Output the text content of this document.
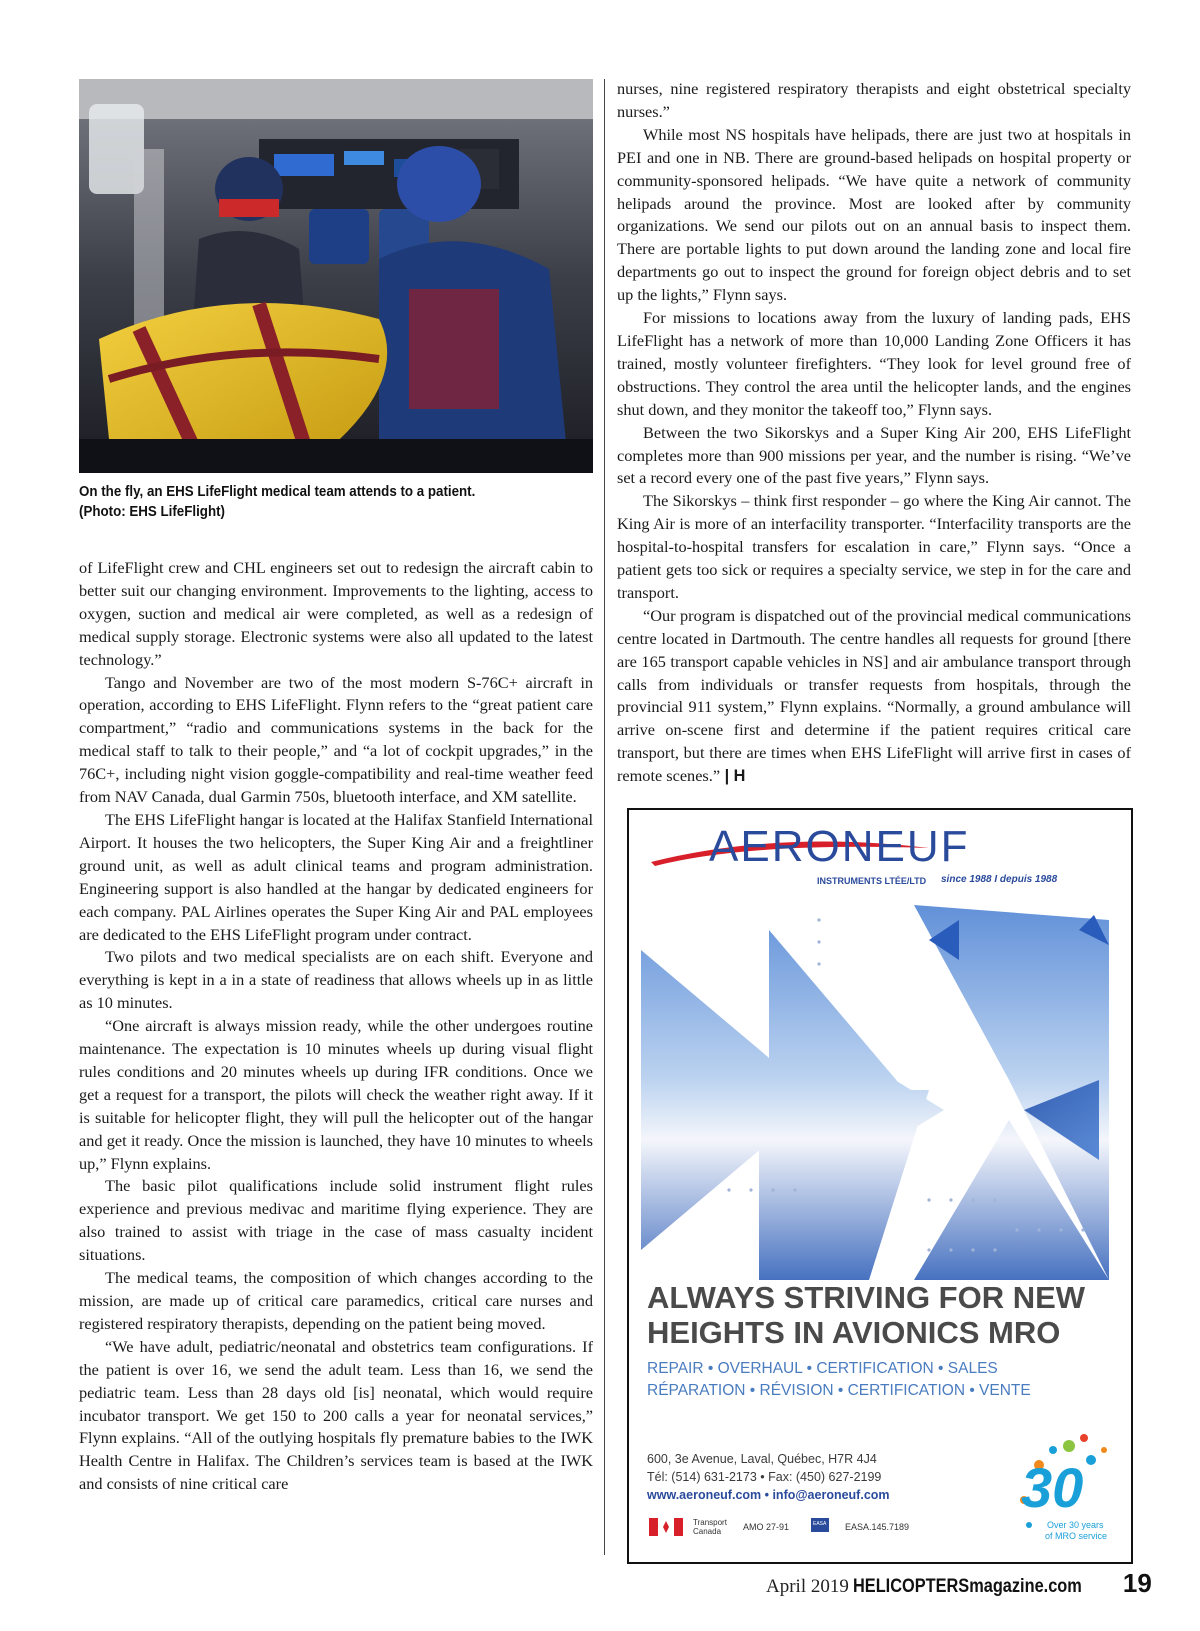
On the fly, an EHS LifeFlight medical team attends to a patient.
(Photo: EHS LifeFlight)

of LifeFlight crew and CHL engineers set out to redesign the aircraft cabin to better suit our changing environment. Improvements to the lighting, access to oxygen, suction and medical air were completed, as well as a redesign of medical supply storage. Electronic systems were also all updated to the latest technology.”

Tango and November are two of the most modern S-76C+ aircraft in operation, according to EHS LifeFlight. Flynn refers to the “great patient care compartment,” “radio and communications systems in the back for the medical staff to talk to their people,” and “a lot of cockpit upgrades,” in the 76C+, including night vision goggle-compatibility and real-time weather feed from NAV Canada, dual Garmin 750s, bluetooth interface, and XM satellite.

The EHS LifeFlight hangar is located at the Halifax Stanfield International Airport. It houses the two helicopters, the Super King Air and a freightliner ground unit, as well as adult clinical teams and program administration. Engineering support is also handled at the hangar by dedicated engineers for each company. PAL Airlines operates the Super King Air and PAL employees are dedicated to the EHS LifeFlight program under contract.

Two pilots and two medical specialists are on each shift. Everyone and everything is kept in a in a state of readiness that allows wheels up in as little as 10 minutes.

“One aircraft is always mission ready, while the other undergoes routine maintenance. The expectation is 10 minutes wheels up during visual flight rules conditions and 20 minutes wheels up during IFR conditions. Once we get a request for a transport, the pilots will check the weather right away. If it is suitable for helicopter flight, they will pull the helicopter out of the hangar and get it ready. Once the mission is launched, they have 10 minutes to wheels up,” Flynn explains.

The basic pilot qualifications include solid instrument flight rules experience and previous medivac and maritime flying experience. They are also trained to assist with triage in the case of mass casualty incident situations.

The medical teams, the composition of which changes according to the mission, are made up of critical care paramedics, critical care nurses and registered respiratory therapists, depending on the patient being moved.

“We have adult, pediatric/neonatal and obstetrics team configurations. If the patient is over 16, we send the adult team. Less than 16, we send the pediatric team. Less than 28 days old [is] neonatal, which would require incubator transport. We get 150 to 200 calls a year for neonatal services,” Flynn explains. “All of the outlying hospitals fly premature babies to the IWK Health Centre in Halifax. The Children’s services team is based at the IWK and consists of nine critical care

nurses, nine registered respiratory therapists and eight obstetrical specialty nurses.”

While most NS hospitals have helipads, there are just two at hospitals in PEI and one in NB. There are ground-based helipads on hospital property or community-sponsored helipads. “We have quite a network of community helipads around the province. Most are looked after by community organizations. We send our pilots out on an annual basis to inspect them. There are portable lights to put down around the landing zone and local fire departments go out to inspect the ground for foreign object debris and to set up the lights,” Flynn says.

For missions to locations away from the luxury of landing pads, EHS LifeFlight has a network of more than 10,000 Landing Zone Officers it has trained, mostly volunteer firefighters. “They look for level ground free of obstructions. They control the area until the helicopter lands, and the engines shut down, and they monitor the takeoff too,” Flynn says.

Between the two Sikorskys and a Super King Air 200, EHS LifeFlight completes more than 900 missions per year, and the number is rising. “We’ve set a record every one of the past five years,” Flynn says.

The Sikorskys – think first responder – go where the King Air cannot. The King Air is more of an interfacility transporter. “Interfacility transports are the hospital-to-hospital transfers for escalation in care,” Flynn says. “Once a patient gets too sick or requires a specialty service, we step in for the care and transport.

“Our program is dispatched out of the provincial medical communications centre located in Dartmouth. The centre handles all requests for ground [there are 165 transport capable vehicles in NS] and air ambulance transport through calls from individuals or transfer requests from hospitals, through the provincial 911 system,” Flynn explains. “Normally, a ground ambulance will arrive on-scene first and determine if the patient requires critical care transport, but there are times when EHS LifeFlight will arrive first in cases of remote scenes.” | H

AERONEUF
INSTRUMENTS LTÉE/LTD since 1988 I depuis 1988
ALWAYS STRIVING FOR NEW
HEIGHTS IN AVIONICS MRO
REPAIR • OVERHAUL • CERTIFICATION • SALES
RÉPARATION • RÉVISION • CERTIFICATION • VENTE
600, 3e Avenue, Laval, Québec, H7R 4J4
Tél: (514) 631-2173 • Fax: (450) 627-2199
www.aeroneuf.com • info@aeroneuf.com
Transport Canada	AMO 27-91	EASA EASA.145.7189
30
Over 30 years
of MRO service
April 2019 HELICOPTERSmagazine.com 19
